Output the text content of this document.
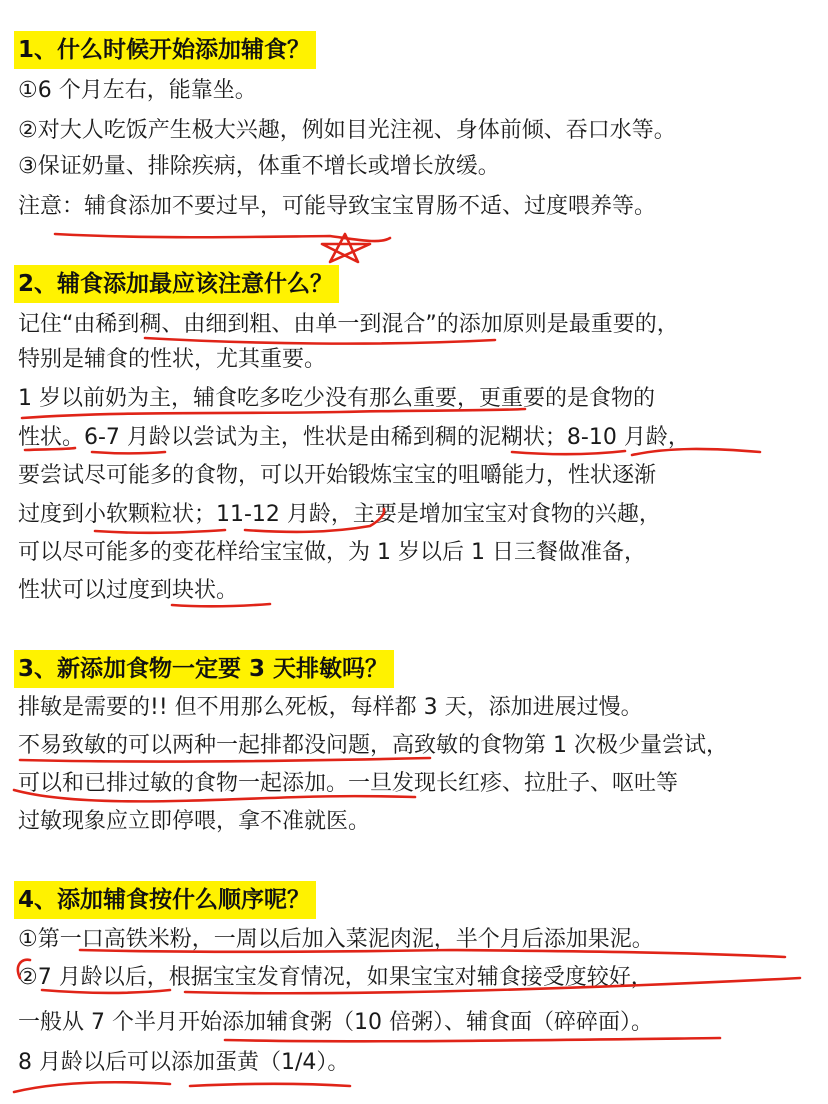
1、什么时候开始添加辅食？
①6 个月左右，能靠坐。
②对大人吃饭产生极大兴趣，例如目光注视、身体前倾、吞口水等。
③保证奶量、排除疾病，体重不增长或增长放缓。
注意：辅食添加不要过早，可能导致宝宝胃肠不适、过度喂养等。
2、辅食添加最应该注意什么？
记住“由稀到稠、由细到粗、由单一到混合”的添加原则是最重要的，
特别是辅食的性状，尤其重要。
1 岁以前奶为主，辅食吃多吃少没有那么重要，更重要的是食物的
性状。6-7 月龄以尝试为主，性状是由稀到稠的泥糊状；8-10 月龄，
要尝试尽可能多的食物，可以开始锻炼宝宝的咀嚼能力，性状逐渐
过度到小软颗粒状；11-12 月龄，主要是增加宝宝对食物的兴趣，
可以尽可能多的变花样给宝宝做，为 1 岁以后 1 日三餐做准备，
性状可以过度到块状。
3、新添加食物一定要 3 天排敏吗？
排敏是需要的!! 但不用那么死板，每样都 3 天，添加进展过慢。
不易致敏的可以两种一起排都没问题，高致敏的食物第 1 次极少量尝试，
可以和已排过敏的食物一起添加。一旦发现长红疹、拉肚子、呕吐等
过敏现象应立即停喂，拿不准就医。
4、添加辅食按什么顺序呢？
①第一口高铁米粉，一周以后加入菜泥肉泥，半个月后添加果泥。
②7 月龄以后，根据宝宝发育情况，如果宝宝对辅食接受度较好，
一般从 7 个半月开始添加辅食粥（10 倍粥）、辅食面（碎碎面）。
8 月龄以后可以添加蛋黄（1/4）。
